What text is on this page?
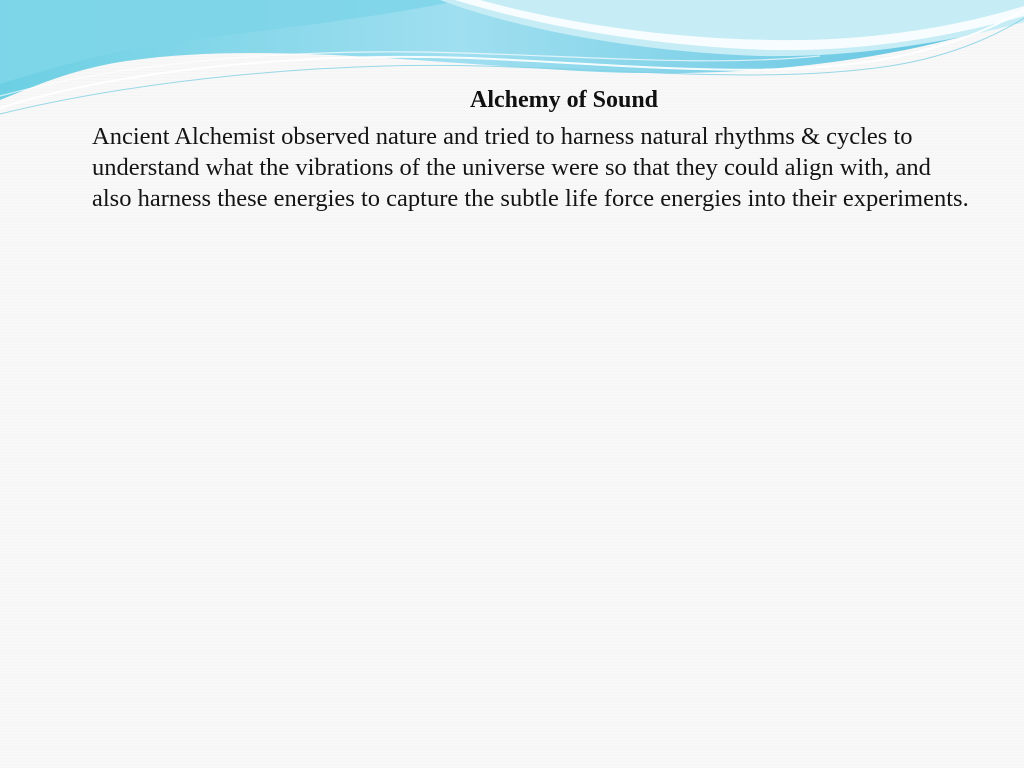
Alchemy of Sound

Ancient Alchemist observed nature and tried to harness natural rhythms & cycles to understand what the vibrations of the universe were so that they could align with, and also harness these energies to capture the subtle life force energies into their experiments.
